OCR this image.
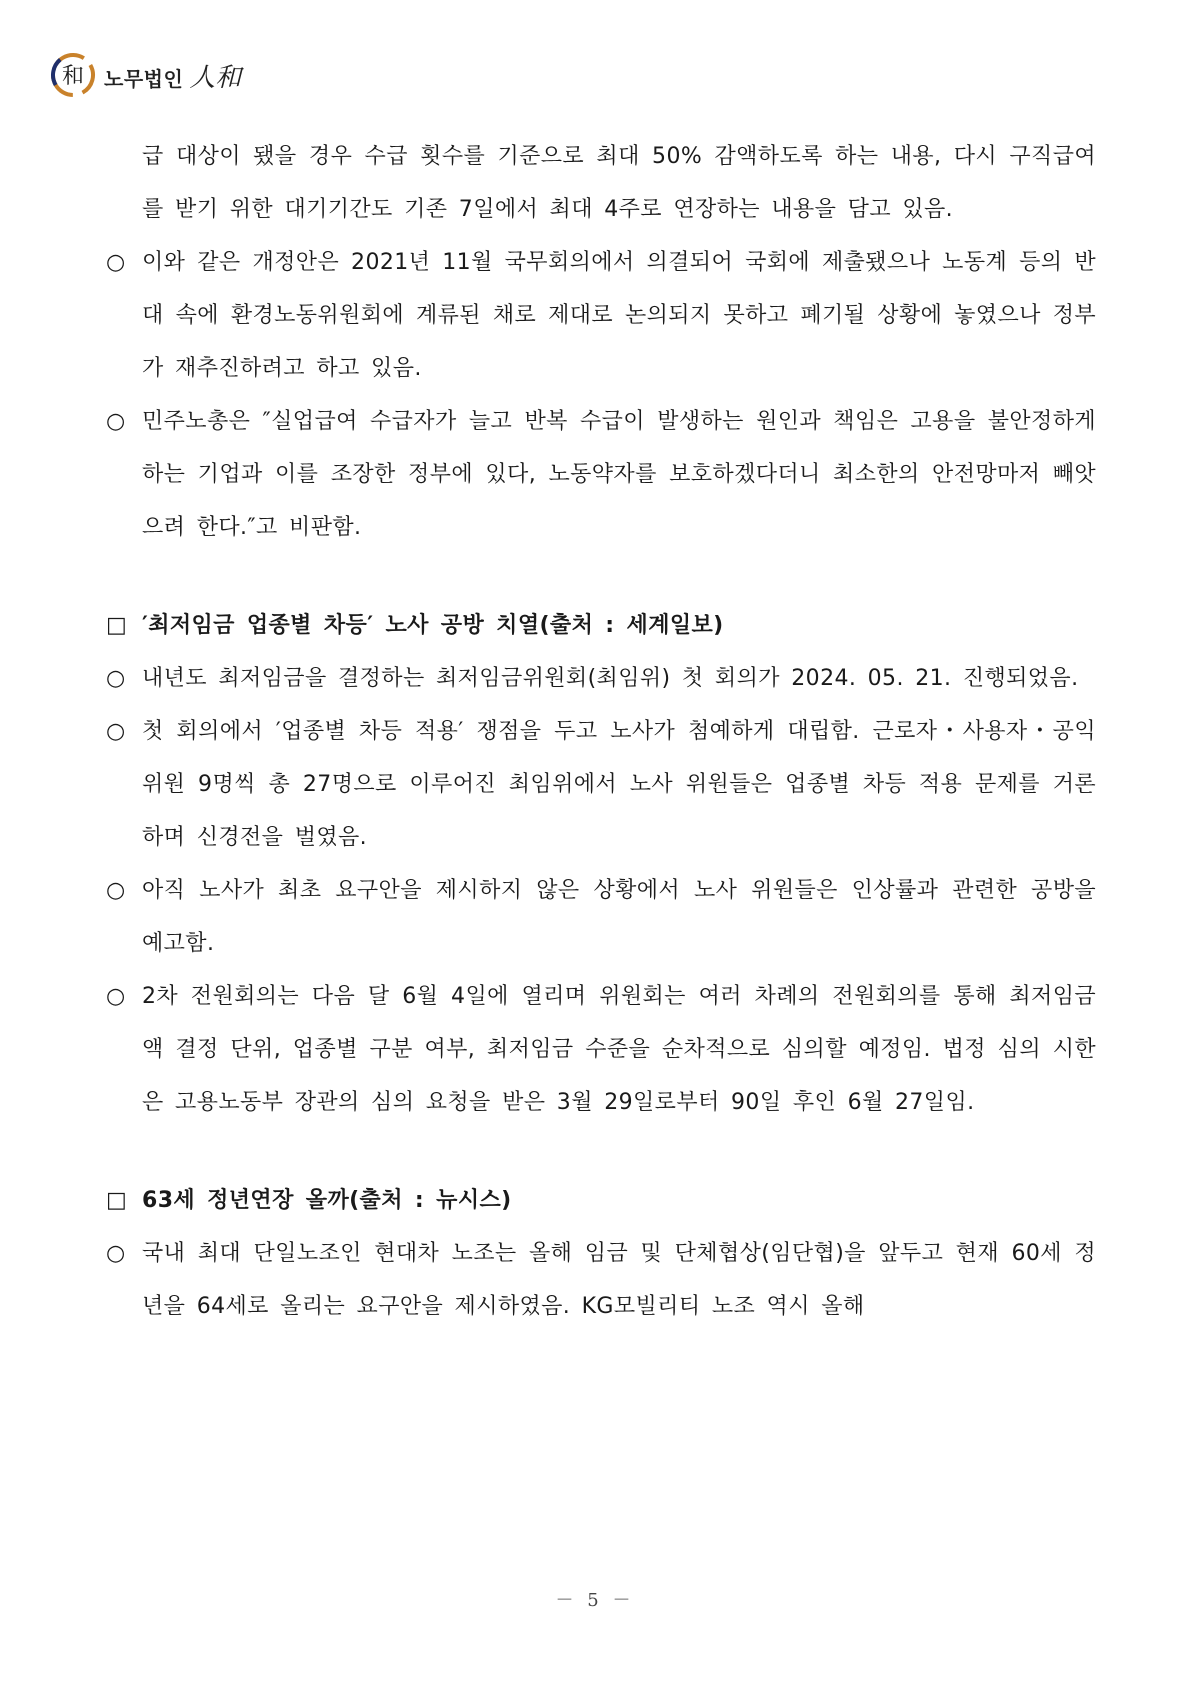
和 노무법인 人和
급 대상이 됐을 경우 수급 횟수를 기준으로 최대 50% 감액하도록 하는 내용, 다시 구직급여를 받기 위한 대기기간도 기존 7일에서 최대 4주로 연장하는 내용을 담고 있음.
○ 이와 같은 개정안은 2021년 11월 국무회의에서 의결되어 국회에 제출됐으나 노동계 등의 반대 속에 환경노동위원회에 계류된 채로 제대로 논의되지 못하고 폐기될 상황에 놓였으나 정부가 재추진하려고 하고 있음.
○ 민주노총은 ″실업급여 수급자가 늘고 반복 수급이 발생하는 원인과 책임은 고용을 불안정하게 하는 기업과 이를 조장한 정부에 있다, 노동약자를 보호하겠다더니 최소한의 안전망마저 빼앗으려 한다.″고 비판함.
□ ′최저임금 업종별 차등′ 노사 공방 치열(출처 : 세계일보)
○ 내년도 최저임금을 결정하는 최저임금위원회(최임위) 첫 회의가 2024. 05. 21. 진행되었음.
○ 첫 회의에서 ′업종별 차등 적용′ 쟁점을 두고 노사가 첨예하게 대립함. 근로자・사용자・공익위원 9명씩 총 27명으로 이루어진 최임위에서 노사 위원들은 업종별 차등 적용 문제를 거론하며 신경전을 벌였음.
○ 아직 노사가 최초 요구안을 제시하지 않은 상황에서 노사 위원들은 인상률과 관련한 공방을 예고함.
○ 2차 전원회의는 다음 달 6월 4일에 열리며 위원회는 여러 차례의 전원회의를 통해 최저임금액 결정 단위, 업종별 구분 여부, 최저임금 수준을 순차적으로 심의할 예정임. 법정 심의 시한은 고용노동부 장관의 심의 요청을 받은 3월 29일로부터 90일 후인 6월 27일임.
□ 63세 정년연장 올까(출처 : 뉴시스)
○ 국내 최대 단일노조인 현대차 노조는 올해 임금 및 단체협상(임단협)을 앞두고 현재 60세 정년을 64세로 올리는 요구안을 제시하였음. KG모빌리티 노조 역시 올해
－ 5 －
